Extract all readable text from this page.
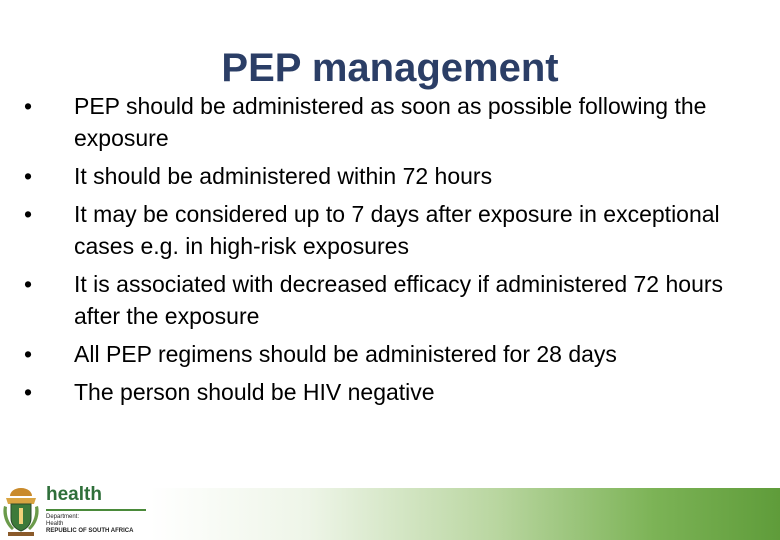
PEP management
•	PEP should be administered as soon as possible following the exposure
•	It should be administered within 72 hours
•	It may be considered up to 7 days after exposure in exceptional cases e.g. in high-risk exposures
•	It is associated with decreased efficacy if administered 72 hours after the exposure
•	All PEP regimens should be administered for 28 days
•	The person should be HIV negative
health
Department:
Health
REPUBLIC OF SOUTH AFRICA
